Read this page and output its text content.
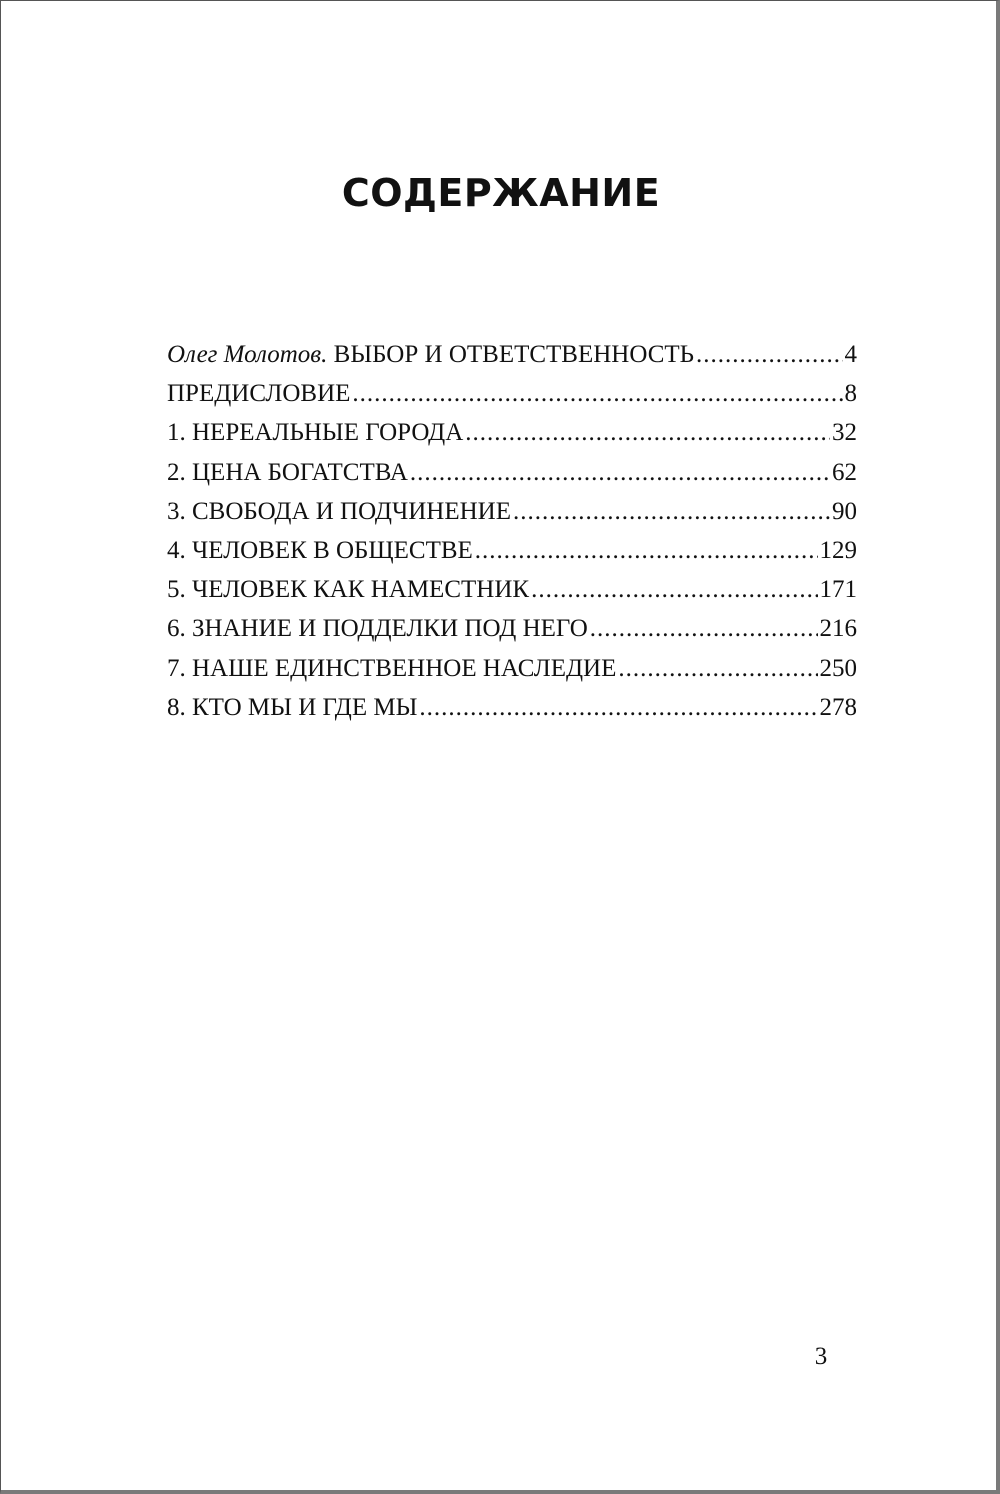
СОДЕРЖАНИЕ
Олег Молотов. ВЫБОР И ОТВЕТСТВЕННОСТЬ .....	4
ПРЕДИСЛОВИЕ .....	8
1. НЕРЕАЛЬНЫЕ ГОРОДА .....	32
2. ЦЕНА БОГАТСТВА .....	62
3. СВОБОДА И ПОДЧИНЕНИЕ .....	90
4. ЧЕЛОВЕК В ОБЩЕСТВЕ .....	129
5. ЧЕЛОВЕК КАК НАМЕСТНИК .....	171
6. ЗНАНИЕ И ПОДДЕЛКИ ПОД НЕГО .....	216
7. НАШЕ ЕДИНСТВЕННОЕ НАСЛЕДИЕ .....	250
8. КТО МЫ И ГДЕ МЫ .....	278
3
